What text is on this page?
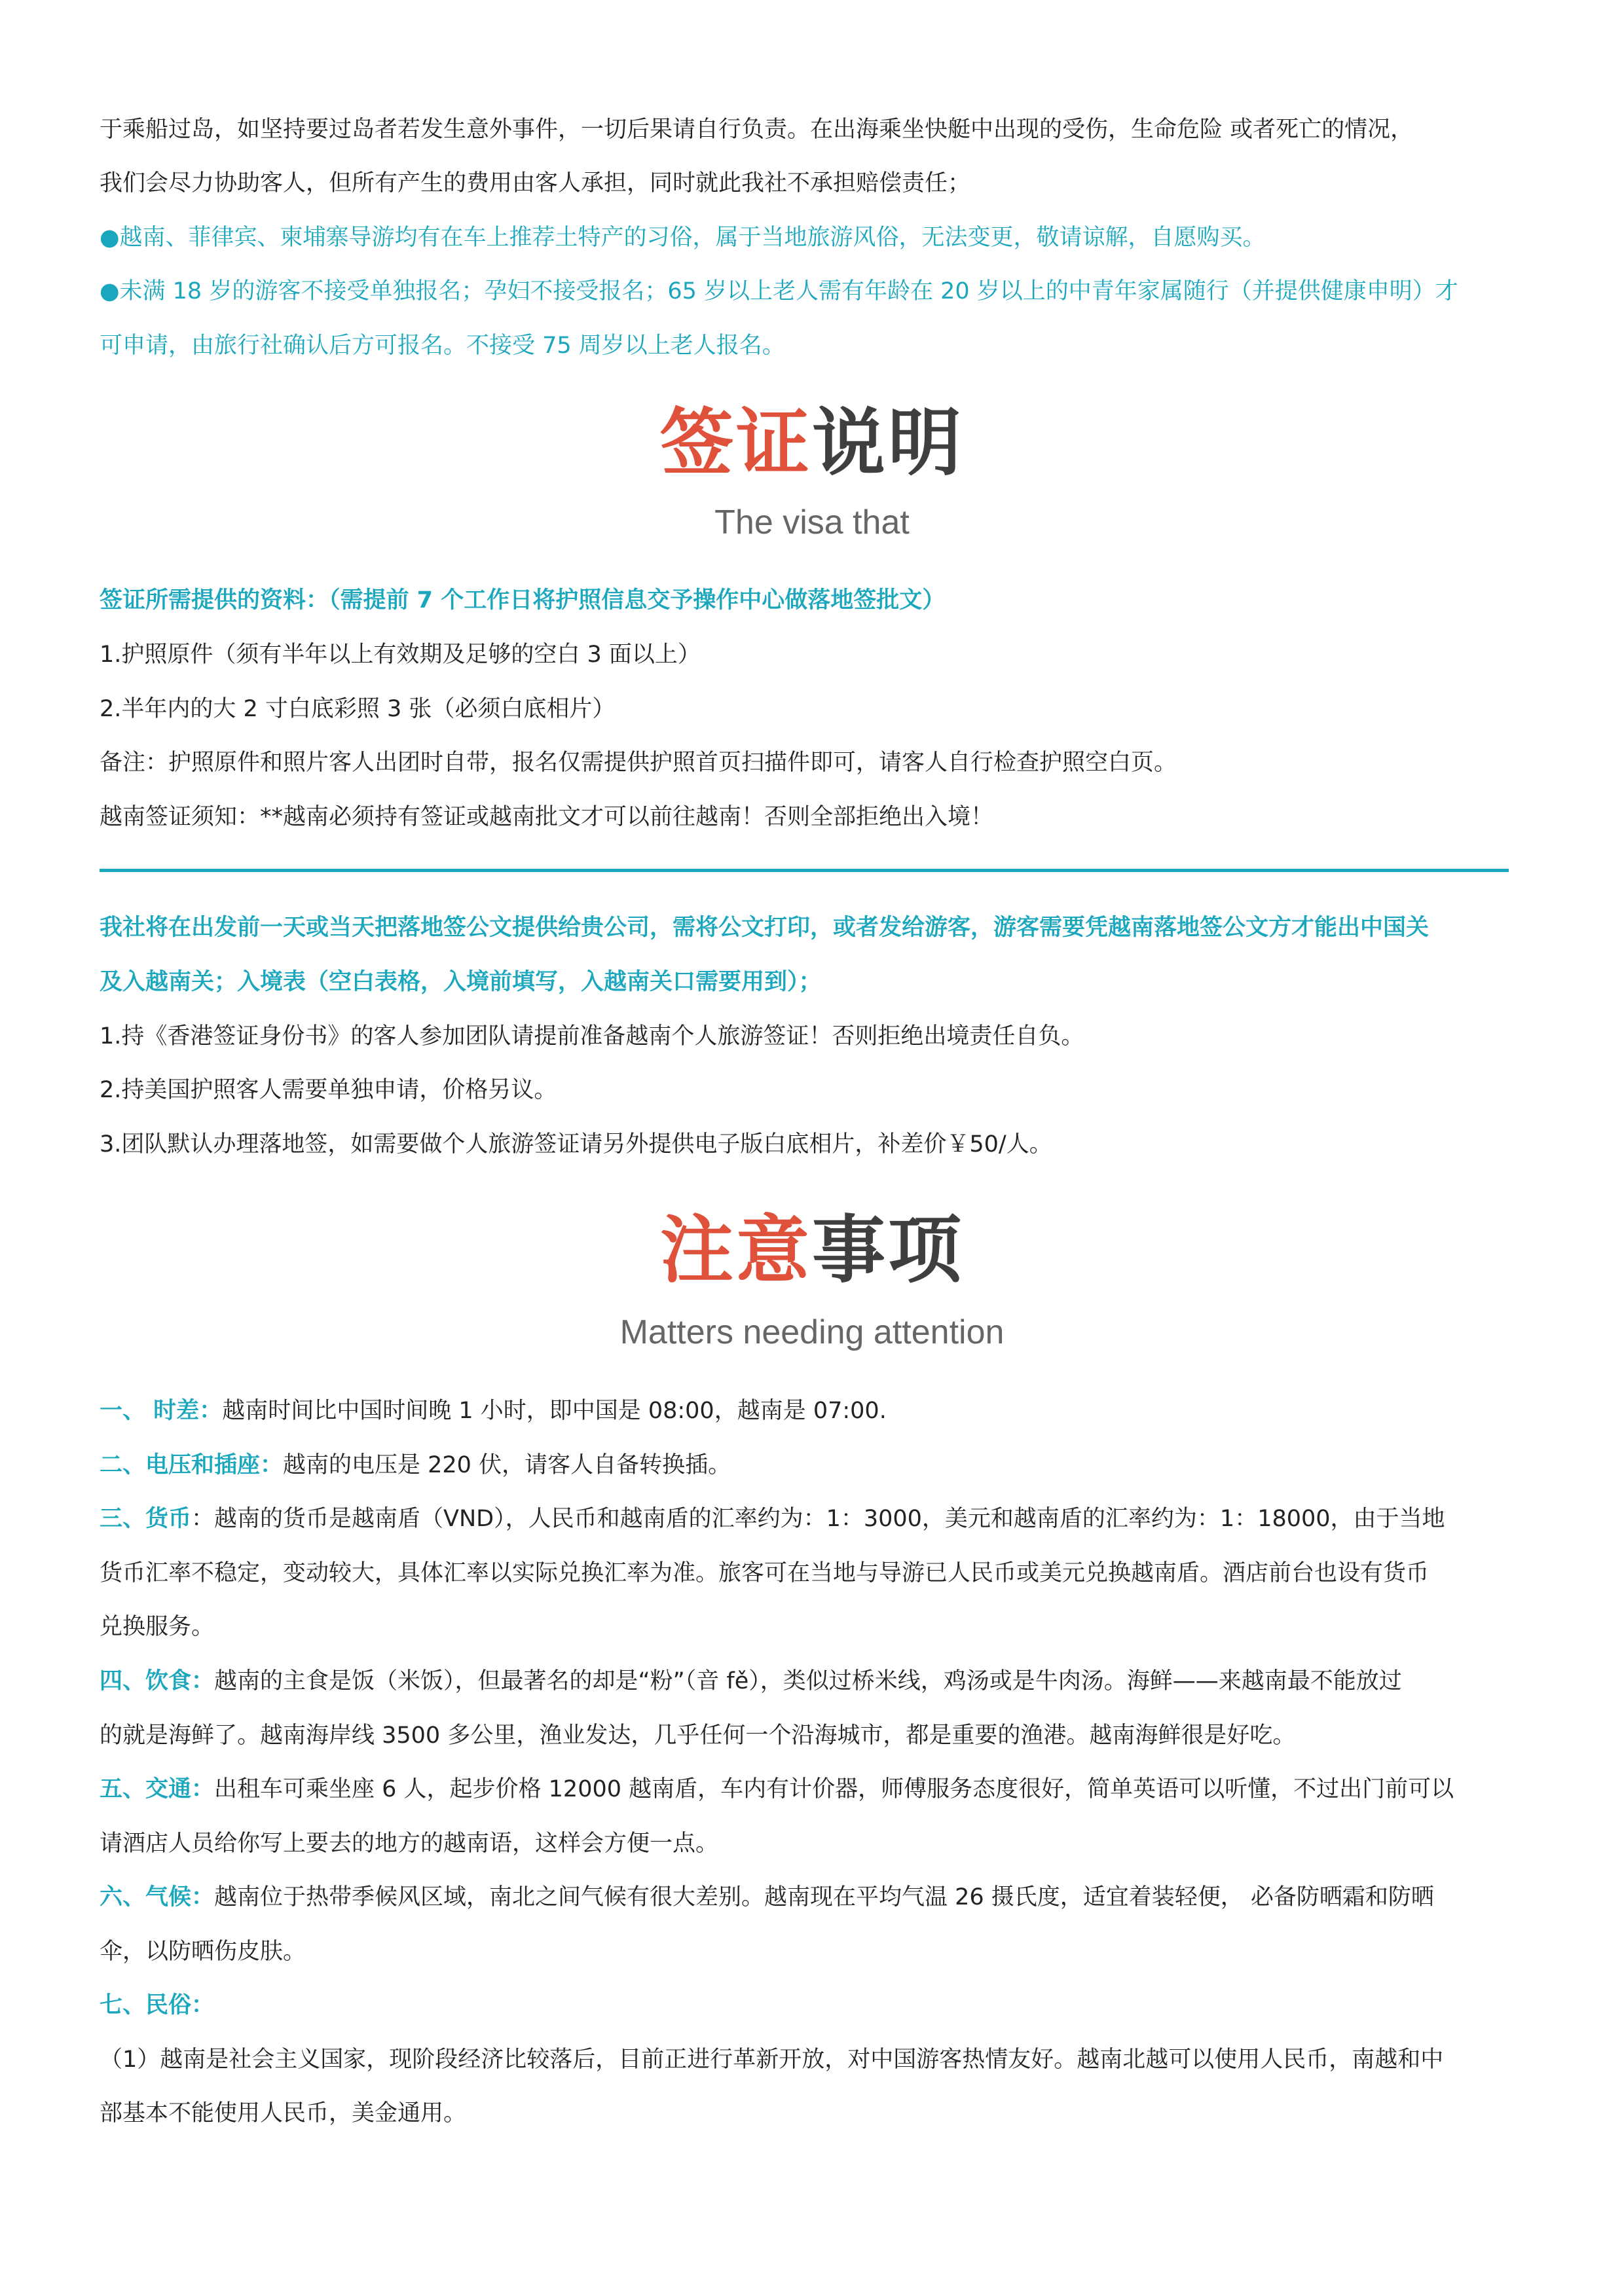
于乘船过岛，如坚持要过岛者若发生意外事件，一切后果请自行负责。在出海乘坐快艇中出现的受伤，生命危险 或者死亡的情况，
我们会尽力协助客人，但所有产生的费用由客人承担，同时就此我社不承担赔偿责任；
●越南、菲律宾、柬埔寨导游均有在车上推荐土特产的习俗，属于当地旅游风俗，无法变更，敬请谅解，自愿购买。
●未满 18 岁的游客不接受单独报名；孕妇不接受报名；65 岁以上老人需有年龄在 20 岁以上的中青年家属随行（并提供健康申明）才
可申请，由旅行社确认后方可报名。不接受 75 周岁以上老人报名。
签证说明
The visa that
签证所需提供的资料：（需提前 7 个工作日将护照信息交予操作中心做落地签批文）
1.护照原件（须有半年以上有效期及足够的空白 3 面以上）
2.半年内的大 2 寸白底彩照 3 张（必须白底相片）
备注：护照原件和照片客人出团时自带，报名仅需提供护照首页扫描件即可，请客人自行检查护照空白页。
越南签证须知：**越南必须持有签证或越南批文才可以前往越南！否则全部拒绝出入境！
我社将在出发前一天或当天把落地签公文提供给贵公司，需将公文打印，或者发给游客，游客需要凭越南落地签公文方才能出中国关
及入越南关；入境表（空白表格，入境前填写，入越南关口需要用到）；
1.持《香港签证身份书》的客人参加团队请提前准备越南个人旅游签证！否则拒绝出境责任自负。
2.持美国护照客人需要单独申请，价格另议。
3.团队默认办理落地签，如需要做个人旅游签证请另外提供电子版白底相片，补差价￥50/人。
注意事项
Matters needing attention
一、 时差：越南时间比中国时间晚 1 小时，即中国是 08:00，越南是 07:00.
二、电压和插座：越南的电压是 220 伏，请客人自备转换插。
三、货币：越南的货币是越南盾（VND），人民币和越南盾的汇率约为：1：3000，美元和越南盾的汇率约为：1：18000，由于当地
货币汇率不稳定，变动较大，具体汇率以实际兑换汇率为准。旅客可在当地与导游已人民币或美元兑换越南盾。酒店前台也设有货币
兑换服务。
四、饮食：越南的主食是饭（米饭），但最著名的却是“粉”（音 fě），类似过桥米线，鸡汤或是牛肉汤。海鲜——来越南最不能放过
的就是海鲜了。越南海岸线 3500 多公里，渔业发达，几乎任何一个沿海城市，都是重要的渔港。越南海鲜很是好吃。
五、交通：出租车可乘坐座 6 人，起步价格 12000 越南盾，车内有计价器，师傅服务态度很好，简单英语可以听懂，不过出门前可以
请酒店人员给你写上要去的地方的越南语，这样会方便一点。
六、气候：越南位于热带季候风区域，南北之间气候有很大差别。越南现在平均气温 26 摄氏度，适宜着装轻便， 必备防晒霜和防晒
伞，以防晒伤皮肤。
七、民俗：
（1）越南是社会主义国家，现阶段经济比较落后，目前正进行革新开放，对中国游客热情友好。越南北越可以使用人民币，南越和中
部基本不能使用人民币，美金通用。
